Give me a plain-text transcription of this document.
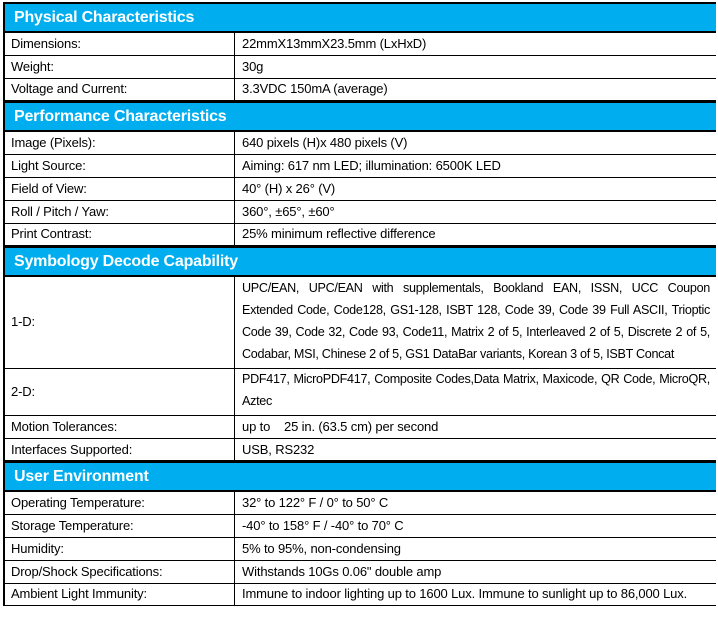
Physical Characteristics
Dimensions:	22mmX13mmX23.5mm (LxHxD)
Weight:	30g
Voltage and Current:	3.3VDC 150mA (average)
Performance Characteristics
Image (Pixels):	640 pixels (H)x 480 pixels (V)
Light Source:	Aiming: 617 nm LED; illumination: 6500K LED
Field of View:	40° (H) x 26° (V)
Roll / Pitch / Yaw:	360°, ±65°, ±60°
Print Contrast:	25% minimum reflective difference
Symbology Decode Capability
1-D:
UPC/EAN, UPC/EAN with supplementals, Bookland EAN, ISSN, UCC Coupon Extended Code, Code128, GS1-128, ISBT 128, Code 39, Code 39 Full ASCII, Trioptic Code 39, Code 32, Code 93, Code11, Matrix 2 of 5, Interleaved 2 of 5, Discrete 2 of 5, Codabar, MSI, Chinese 2 of 5, GS1 DataBar variants, Korean 3 of 5, ISBT Concat
2-D:
PDF417, MicroPDF417, Composite Codes,Data Matrix, Maxicode, QR Code, MicroQR, Aztec
Motion Tolerances:	up to    25 in. (63.5 cm) per second
Interfaces Supported:	USB, RS232
User Environment
Operating Temperature:	32° to 122° F / 0° to 50° C
Storage Temperature:	-40° to 158° F / -40° to 70° C
Humidity:	5% to 95%, non-condensing
Drop/Shock Specifications:	Withstands 10Gs 0.06" double amp
Ambient Light Immunity:	Immune to indoor lighting up to 1600 Lux. Immune to sunlight up to 86,000 Lux.
